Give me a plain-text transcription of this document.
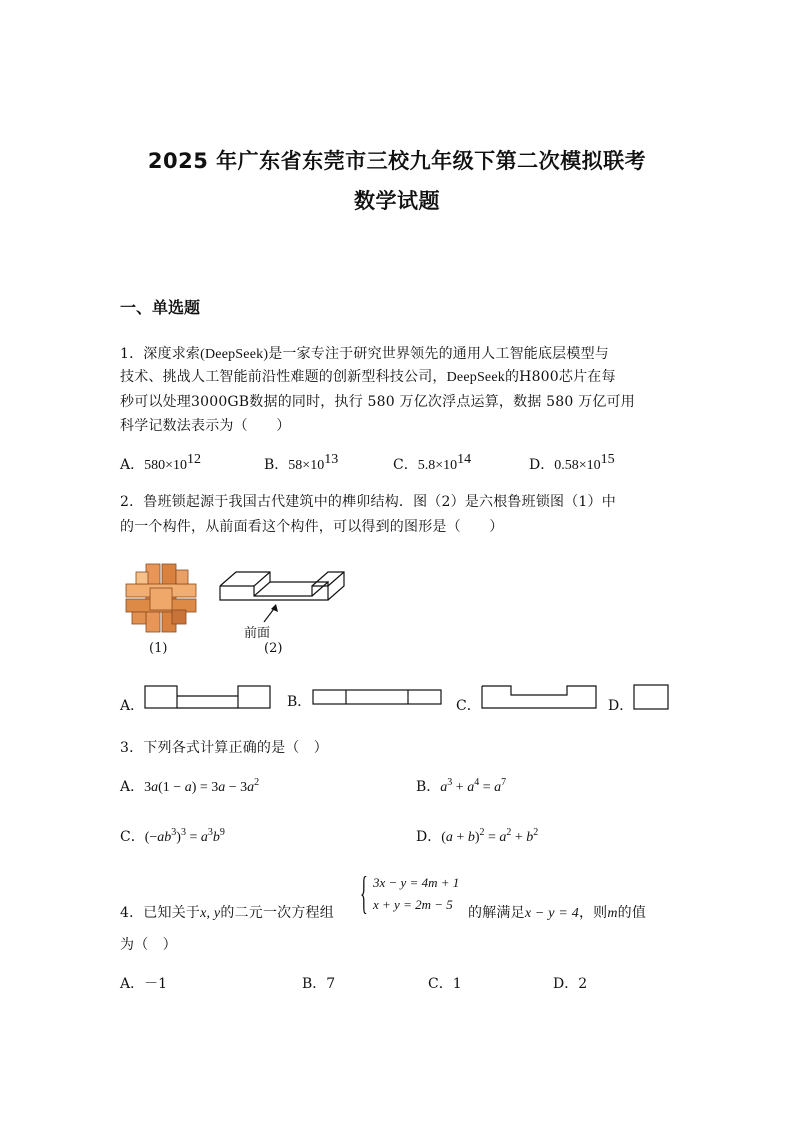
2025 年广东省东莞市三校九年级下第二次模拟联考
数学试题
一、单选题
1．深度求索(DeepSeek)是一家专注于研究世界领先的通用人工智能底层模型与
技术、挑战人工智能前沿性难题的创新型科技公司，DeepSeek的H800芯片在每
秒可以处理3000GB数据的同时，执行 580 万亿次浮点运算，数据 580 万亿可用
科学记数法表示为（　　）
A．$580\times 10^{12}$	B．$58\times 10^{13}$	C．$5.8\times 10^{14}$	D．$0.58\times 10^{15}$
2．鲁班锁起源于我国古代建筑中的榫卯结构．图（2）是六根鲁班锁图（1）中
的一个构件，从前面看这个构件，可以得到的图形是（　　）
(1)
前面
(2)
A．	B．	C．	D．
3．下列各式计算正确的是（　）
A．$3a(1 - a) = 3a - 3a^2$	B．$a^3 + a^4 = a^7$
C．$(-ab^3)^3 = a^3b^9$	D．$(a + b)^2 = a^2 + b^2$
4．已知关于x, y的二元一次方程组 { 3x − y = 4m + 1
x + y = 2m − 5
的解满足x − y = 4，则m的值
为（　）
A．－1	B．7	C．1	D．2
